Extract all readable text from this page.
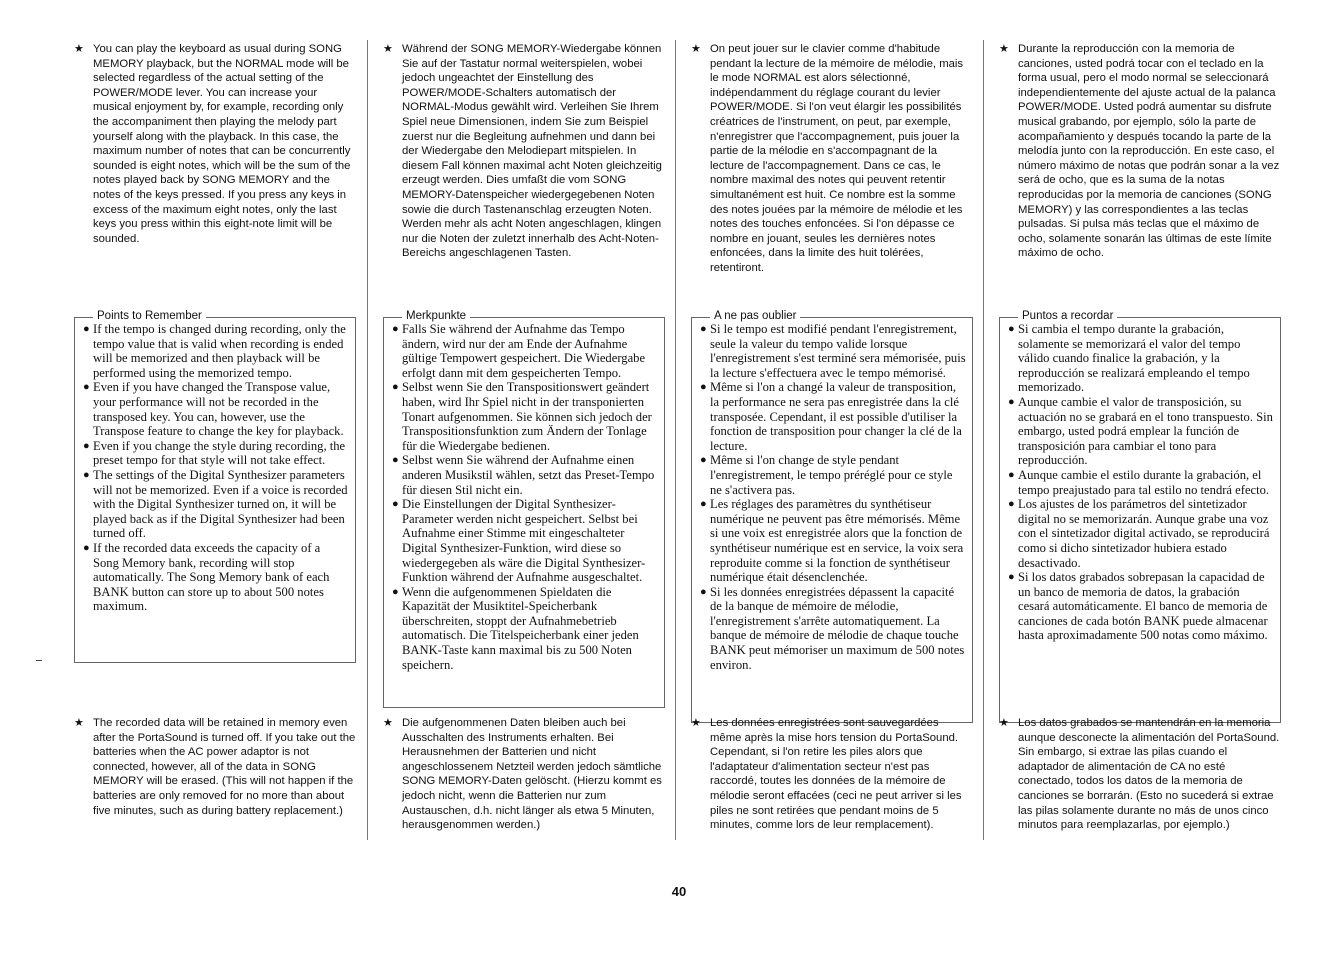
★ You can play the keyboard as usual during SONG MEMORY playback, but the NORMAL mode will be selected regardless of the actual setting of the POWER/MODE lever. You can increase your musical enjoyment by, for example, recording only the accompaniment then playing the melody part yourself along with the playback. In this case, the maximum number of notes that can be concurrently sounded is eight notes, which will be the sum of the notes played back by SONG MEMORY and the notes of the keys pressed. If you press any keys in excess of the maximum eight notes, only the last keys you press within this eight-note limit will be sounded.
Points to Remember
● If the tempo is changed during recording, only the tempo value that is valid when recording is ended will be memorized and then playback will be performed using the memorized tempo.
● Even if you have changed the Transpose value, your performance will not be recorded in the transposed key. You can, however, use the Transpose feature to change the key for playback.
● Even if you change the style during recording, the preset tempo for that style will not take effect.
● The settings of the Digital Synthesizer parameters will not be memorized. Even if a voice is recorded with the Digital Synthesizer turned on, it will be played back as if the Digital Synthesizer had been turned off.
● If the recorded data exceeds the capacity of a Song Memory bank, recording will stop automatically. The Song Memory bank of each BANK button can store up to about 500 notes maximum.
★ The recorded data will be retained in memory even after the PortaSound is turned off. If you take out the batteries when the AC power adaptor is not connected, however, all of the data in SONG MEMORY will be erased. (This will not happen if the batteries are only removed for no more than about five minutes, such as during battery replacement.)
★ Während der SONG MEMORY-Wiedergabe können Sie auf der Tastatur normal weiterspielen, wobei jedoch ungeachtet der Einstellung des POWER/MODE-Schalters automatisch der NORMAL-Modus gewählt wird. Verleihen Sie Ihrem Spiel neue Dimensionen, indem Sie zum Beispiel zuerst nur die Begleitung aufnehmen und dann bei der Wiedergabe den Melodiepart mitspielen. In diesem Fall können maximal acht Noten gleichzeitig erzeugt werden. Dies umfaßt die vom SONG MEMORY-Datenspeicher wiedergegebenen Noten sowie die durch Tastenanschlag erzeugten Noten. Werden mehr als acht Noten angeschlagen, klingen nur die Noten der zuletzt innerhalb des Acht-Noten-Bereichs angeschlagenen Tasten.
Merkpunkte
● Falls Sie während der Aufnahme das Tempo ändern, wird nur der am Ende der Aufnahme gültige Tempowert gespeichert. Die Wiedergabe erfolgt dann mit dem gespeicherten Tempo.
● Selbst wenn Sie den Transpositionswert geändert haben, wird Ihr Spiel nicht in der transponierten Tonart aufgenommen. Sie können sich jedoch der Transpositionsfunktion zum Ändern der Tonlage für die Wiedergabe bedienen.
● Selbst wenn Sie während der Aufnahme einen anderen Musikstil wählen, setzt das Preset-Tempo für diesen Stil nicht ein.
● Die Einstellungen der Digital Synthesizer-Parameter werden nicht gespeichert. Selbst bei Aufnahme einer Stimme mit eingeschalteter Digital Synthesizer-Funktion, wird diese so wiedergegeben als wäre die Digital Synthesizer-Funktion während der Aufnahme ausgeschaltet.
● Wenn die aufgenommenen Spieldaten die Kapazität der Musiktitel-Speicherbank überschreiten, stoppt der Aufnahmebetrieb automatisch. Die Titelspeicherbank einer jeden BANK-Taste kann maximal bis zu 500 Noten speichern.
★ Die aufgenommenen Daten bleiben auch bei Ausschalten des Instruments erhalten. Bei Herausnehmen der Batterien und nicht angeschlossenem Netzteil werden jedoch sämtliche SONG MEMORY-Daten gelöscht. (Hierzu kommt es jedoch nicht, wenn die Batterien nur zum Austauschen, d.h. nicht länger als etwa 5 Minuten, herausgenommen werden.)
★ On peut jouer sur le clavier comme d'habitude pendant la lecture de la mémoire de mélodie, mais le mode NORMAL est alors sélectionné, indépendamment du réglage courant du levier POWER/MODE. Si l'on veut élargir les possibilités créatrices de l'instrument, on peut, par exemple, n'enregistrer que l'accompagnement, puis jouer la partie de la mélodie en s'accompagnant de la lecture de l'accompagnement. Dans ce cas, le nombre maximal des notes qui peuvent retentir simultanément est huit. Ce nombre est la somme des notes jouées par la mémoire de mélodie et les notes des touches enfoncées. Si l'on dépasse ce nombre en jouant, seules les dernières notes enfoncées, dans la limite des huit tolérées, retentiront.
A ne pas oublier
● Si le tempo est modifié pendant l'enregistrement, seule la valeur du tempo valide lorsque l'enregistrement s'est terminé sera mémorisée, puis la lecture s'effectuera avec le tempo mémorisé.
● Même si l'on a changé la valeur de transposition, la performance ne sera pas enregistrée dans la clé transposée. Cependant, il est possible d'utiliser la fonction de transposition pour changer la clé de la lecture.
● Même si l'on change de style pendant l'enregistrement, le tempo préréglé pour ce style ne s'activera pas.
● Les réglages des paramètres du synthétiseur numérique ne peuvent pas être mémorisés. Même si une voix est enregistrée alors que la fonction de synthétiseur numérique est en service, la voix sera reproduite comme si la fonction de synthétiseur numérique était désenclenchée.
● Si les données enregistrées dépassent la capacité de la banque de mémoire de mélodie, l'enregistrement s'arrête automatiquement. La banque de mémoire de mélodie de chaque touche BANK peut mémoriser un maximum de 500 notes environ.
★ Les données enregistrées sont sauvegardées même après la mise hors tension du PortaSound. Cependant, si l'on retire les piles alors que l'adaptateur d'alimentation secteur n'est pas raccordé, toutes les données de la mémoire de mélodie seront effacées (ceci ne peut arriver si les piles ne sont retirées que pendant moins de 5 minutes, comme lors de leur remplacement).
★ Durante la reproducción con la memoria de canciones, usted podrá tocar con el teclado en la forma usual, pero el modo normal se seleccionará independientemente del ajuste actual de la palanca POWER/MODE. Usted podrá aumentar su disfrute musical grabando, por ejemplo, sólo la parte de acompañamiento y después tocando la parte de la melodía junto con la reproducción. En este caso, el número máximo de notas que podrán sonar a la vez será de ocho, que es la suma de la notas reproducidas por la memoria de canciones (SONG MEMORY) y las correspondientes a las teclas pulsadas. Si pulsa más teclas que el máximo de ocho, solamente sonarán las últimas de este límite máximo de ocho.
Puntos a recordar
● Si cambia el tempo durante la grabación, solamente se memorizará el valor del tempo válido cuando finalice la grabación, y la reproducción se realizará empleando el tempo memorizado.
● Aunque cambie el valor de transposición, su actuación no se grabará en el tono transpuesto. Sin embargo, usted podrá emplear la función de transposición para cambiar el tono para reproducción.
● Aunque cambie el estilo durante la grabación, el tempo preajustado para tal estilo no tendrá efecto.
● Los ajustes de los parámetros del sintetizador digital no se memorizarán. Aunque grabe una voz con el sintetizador digital activado, se reproducirá como si dicho sintetizador hubiera estado desactivado.
● Si los datos grabados sobrepasan la capacidad de un banco de memoria de datos, la grabación cesará automáticamente. El banco de memoria de canciones de cada botón BANK puede almacenar hasta aproximadamente 500 notas como máximo.
★ Los datos grabados se mantendrán en la memoria aunque desconecte la alimentación del PortaSound. Sin embargo, si extrae las pilas cuando el adaptador de alimentación de CA no esté conectado, todos los datos de la memoria de canciones se borrarán. (Esto no sucederá si extrae las pilas solamente durante no más de unos cinco minutos para reemplazarlas, por ejemplo.)
40
